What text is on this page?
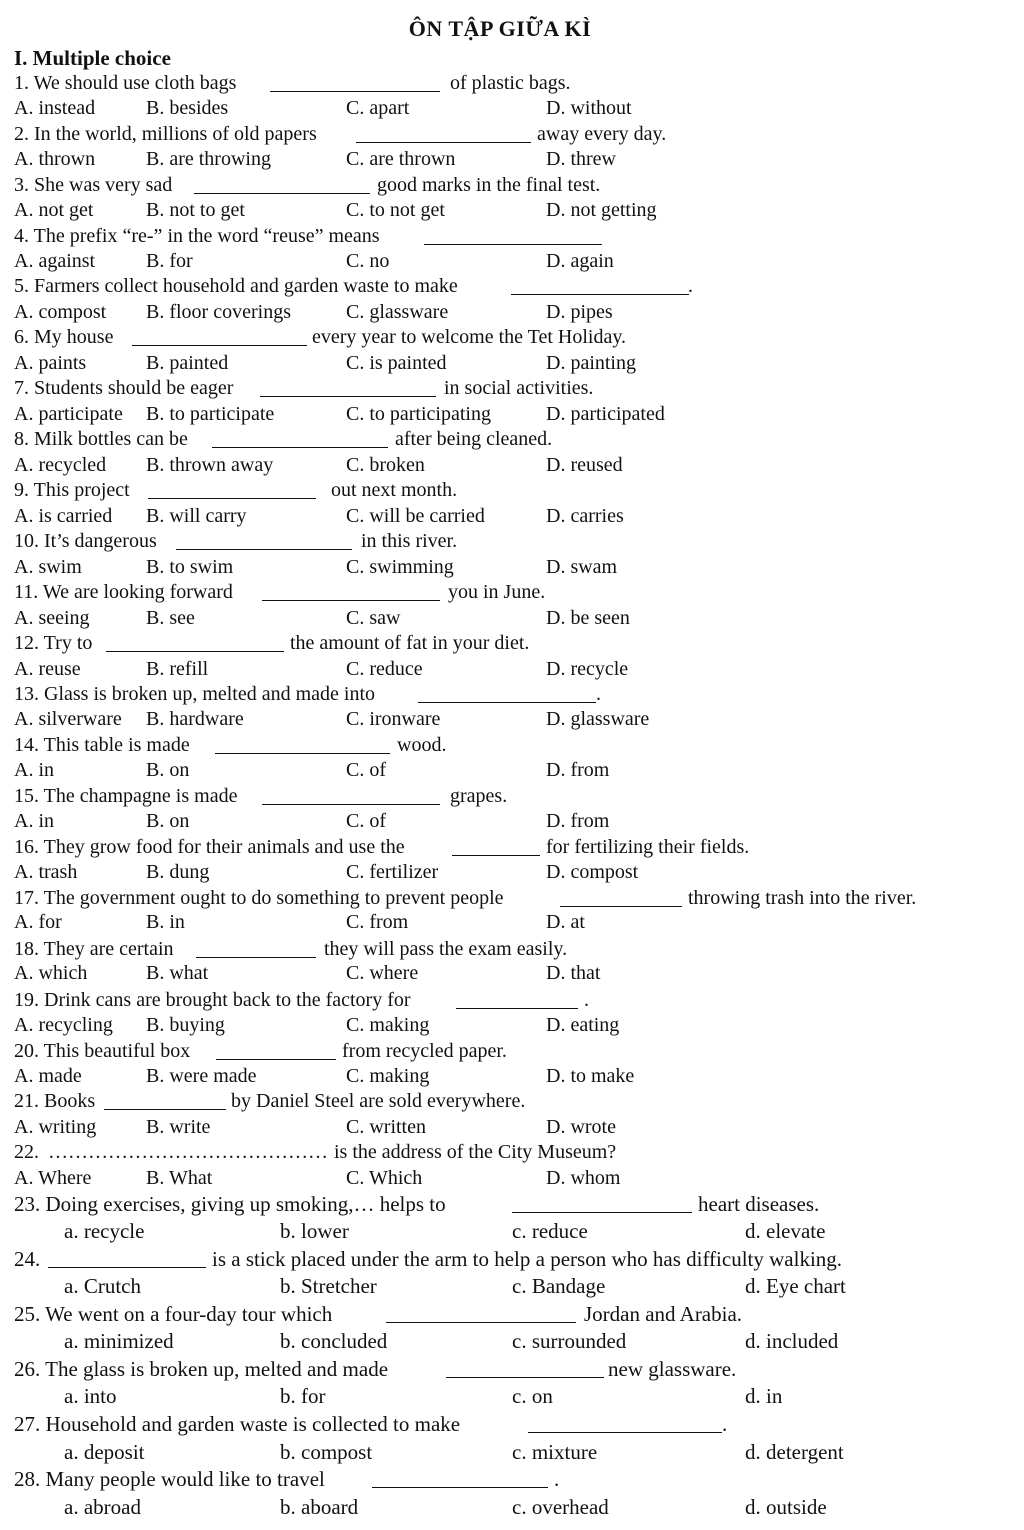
ÔN TẬP GIỮA KÌ
I. Multiple choice
1. We should use cloth bags	of plastic bags.
A. instead	B. besides	C. apart	D. without
2. In the world, millions of old papers	away every day.
A. thrown	B. are throwing	C. are thrown	D. threw
3. She was very sad	good marks in the final test.
A. not get	B. not to get	C. to not get	D. not getting
4. The prefix “re-” in the word “reuse” means
A. against	B. for	C. no	D. again
5. Farmers collect household and garden waste to make	.
A. compost B. floor coverings	C. glassware	D. pipes
6. My house	every year to welcome the Tet Holiday.
A. paints	B. painted	C. is painted	D. painting
7. Students should be eager	in social activities.
A. participate B. to participate	C. to participating	D. participated
8. Milk bottles can be	after being cleaned.
A. recycled B. thrown away	C. broken	D. reused
9. This project	out next month.
A. is carried B. will carry	C. will be carried	D. carries
10. It’s dangerous	in this river.
A. swim	B. to swim	C. swimming	D. swam
11. We are looking forward	you in June.
A. seeing	B. see	C. saw	D. be seen
12. Try to	the amount of fat in your diet.
A. reuse	B. refill	C. reduce	D. recycle
13. Glass is broken up, melted and made into	.
A. silverware B. hardware	C. ironware	D. glassware
14. This table is made	wood.
A. in	B. on	C. of	D. from
15. The champagne is made	grapes.
A. in	B. on	C. of	D. from
16. They grow food for their animals and use the	for fertilizing their fields.
A. trash	B. dung	C. fertilizer	D. compost
17. The government ought to do something to prevent people	throwing trash into the river.
A. for	B. in	C. from	D. at
18. They are certain	they will pass the exam easily.
A. which	B. what	C. where	D. that
19. Drink cans are brought back to the factory for	.
A. recycling B. buying	C. making	D. eating
20. This beautiful box	from recycled paper.
A. made	B. were made	C. making	D. to make
21. Books	by Daniel Steel are sold everywhere.
A. writing B. write	C. written	D. wrote
22. …………………………………… is the address of the City Museum?
A. Where	B. What	C. Which	D. whom
23. Doing exercises, giving up smoking,… helps to	heart diseases.
a. recycle	b. lower	c. reduce	d. elevate
24.	is a stick placed under the arm to help a person who has difficulty walking.
a. Crutch	b. Stretcher	c. Bandage	d. Eye chart
25. We went on a four-day tour which	Jordan and Arabia.
a. minimized	b. concluded	c. surrounded	d. included
26. The glass is broken up, melted and made	new glassware.
a. into	b. for	c. on	d. in
27. Household and garden waste is collected to make	.
a. deposit	b. compost	c. mixture	d. detergent
28. Many people would like to travel	.
a. abroad	b. aboard	c. overhead	d. outside
